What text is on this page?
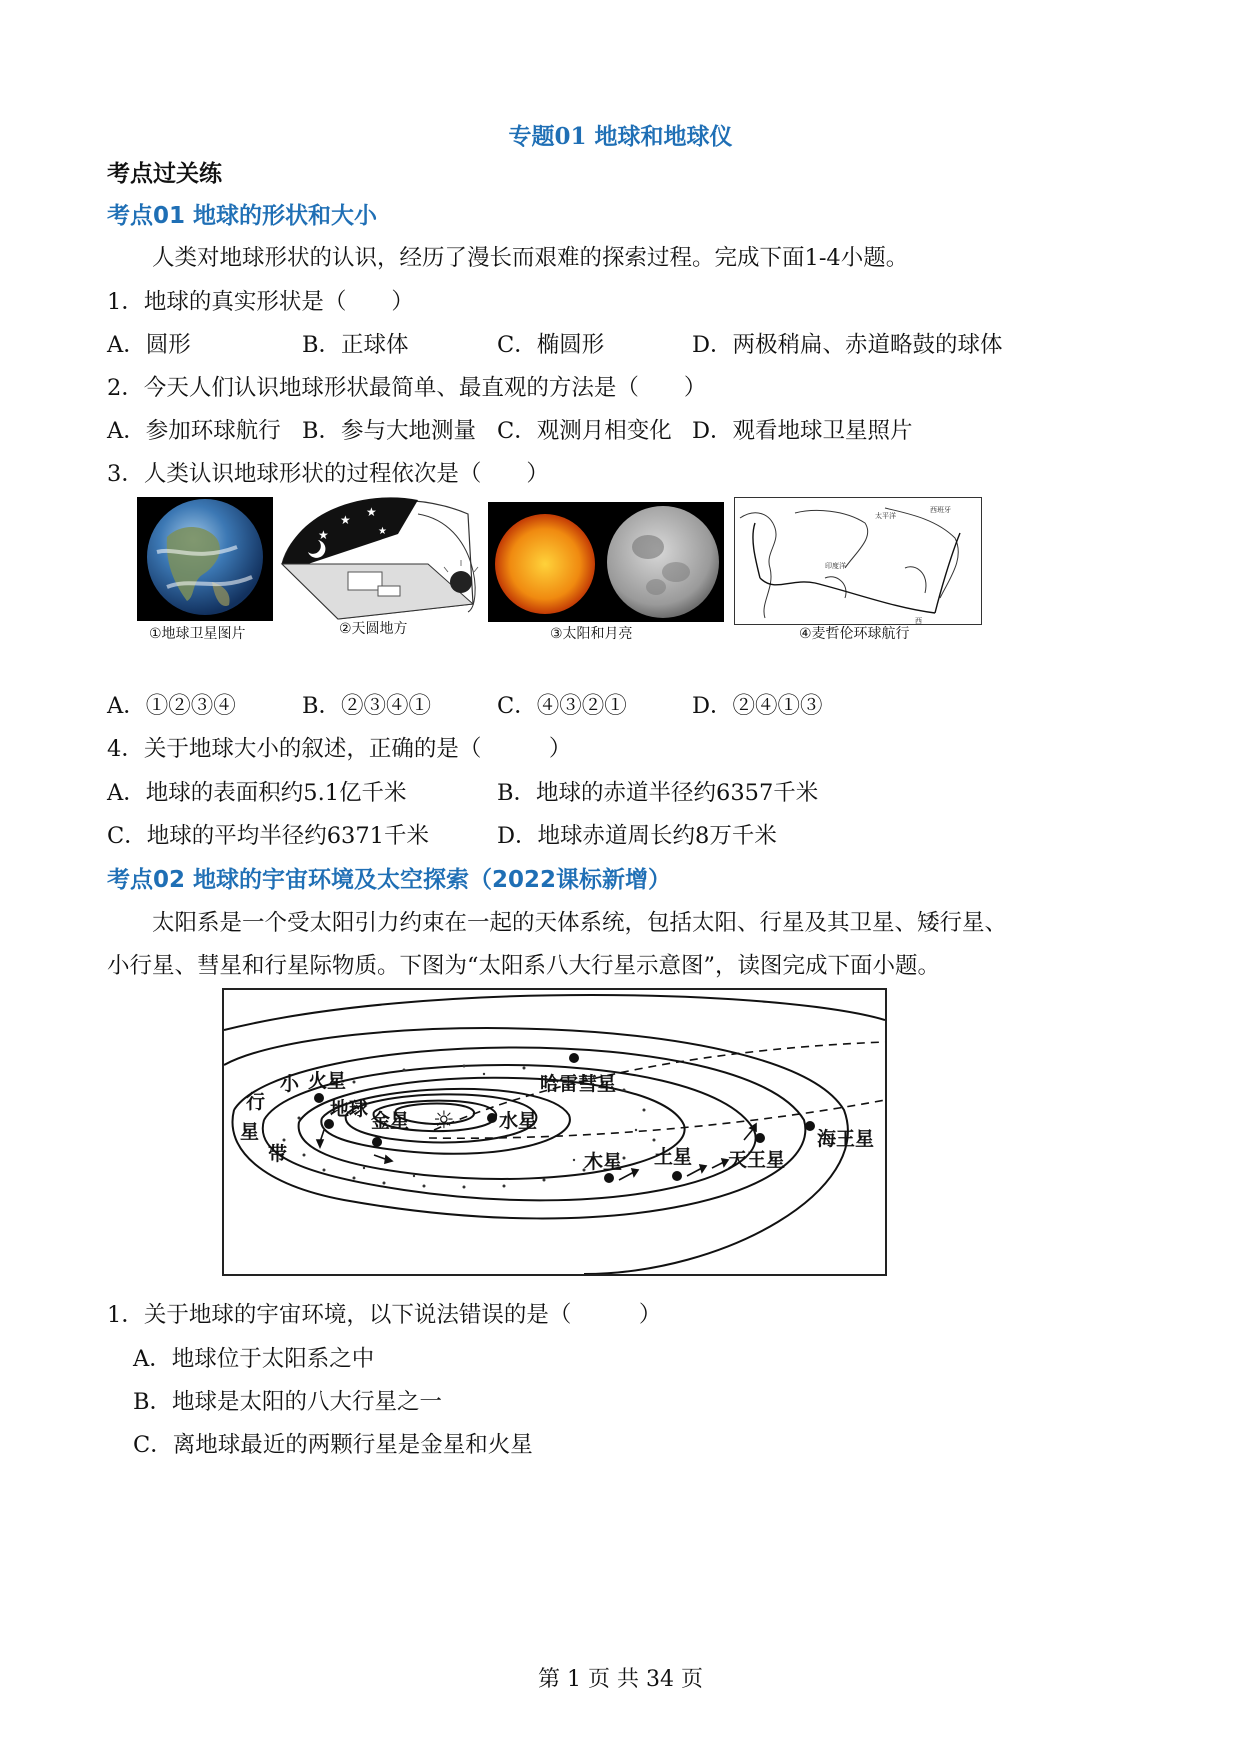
专题01 地球和地球仪
考点过关练
考点01 地球的形状和大小
人类对地球形状的认识，经历了漫长而艰难的探索过程。完成下面1-4小题。
1．地球的真实形状是（　　）
A．圆形	B．正球体	C．椭圆形	D．两极稍扁、赤道略鼓的球体
2．今天人们认识地球形状最简单、最直观的方法是（　　）
A．参加环球航行 B．参与大地测量 C．观测月相变化 D．观看地球卫星照片
3．人类认识地球形状的过程依次是（　　）
①地球卫星图片
★
★
★
★
②天圆地方	③太阳和月亮
西班牙
太平洋
印度洋
西
④麦哲伦环球航行
A．①②③④	B．②③④①	C．④③②①	D．②④①③
4．关于地球大小的叙述，正确的是（　　　）
A．地球的表面积约5.1亿千米	B．地球的赤道半径约6357千米
C．地球的平均半径约6371千米	D．地球赤道周长约8万千米
考点02 地球的宇宙环境及太空探索（2022课标新增）
太阳系是一个受太阳引力约束在一起的天体系统，包括太阳、行星及其卫星、矮行星、
小行星、彗星和行星际物质。下图为“太阳系八大行星示意图”，读图完成下面小题。
☼ 水星
金星
地球
火星
小
行
星
带	木星 土星 天王星
海王星
哈雷彗星
1．关于地球的宇宙环境，以下说法错误的是（　　　）
A．地球位于太阳系之中
B．地球是太阳的八大行星之一
C．离地球最近的两颗行星是金星和火星
第 1 页 共 34 页
